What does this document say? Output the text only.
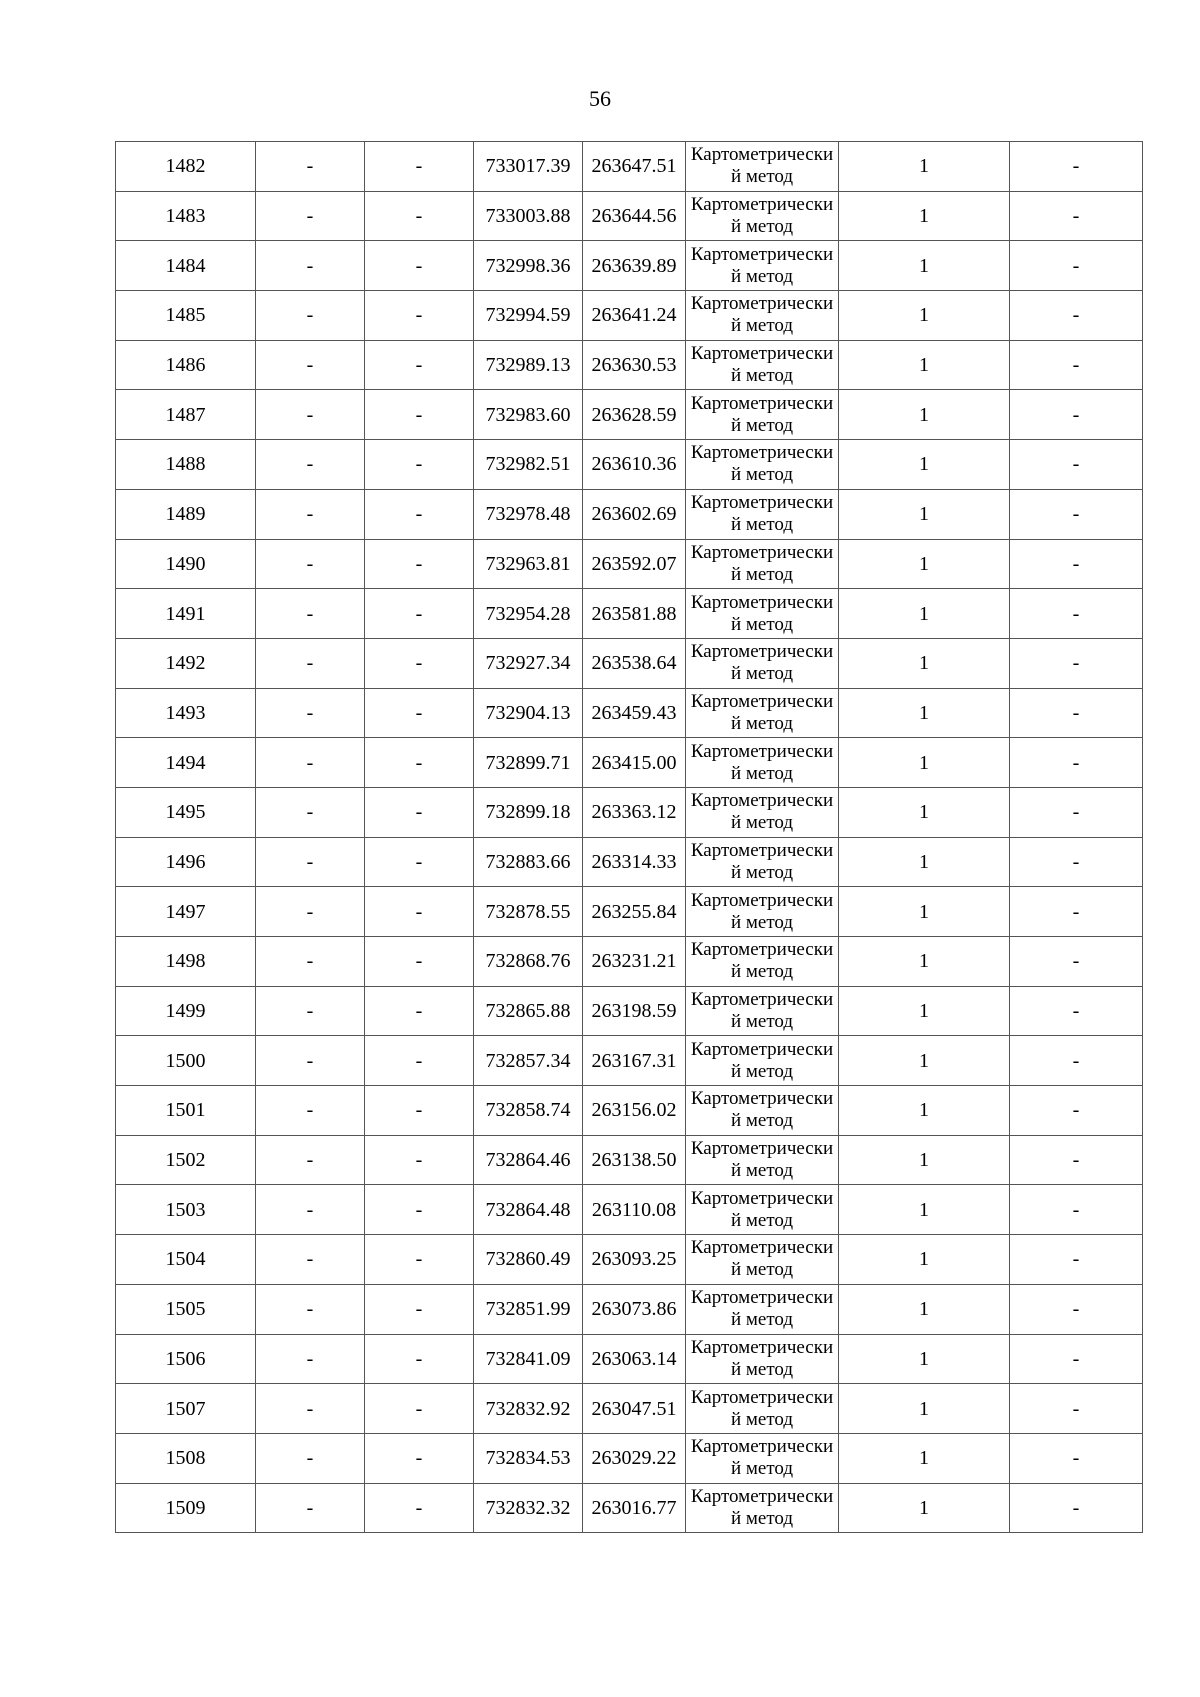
56
1482	-	-	733017.39	263647.51	Картометрический метод	1	-
1483	-	-	733003.88	263644.56	Картометрический метод	1	-
1484	-	-	732998.36	263639.89	Картометрический метод	1	-
1485	-	-	732994.59	263641.24	Картометрический метод	1	-
1486	-	-	732989.13	263630.53	Картометрический метод	1	-
1487	-	-	732983.60	263628.59	Картометрический метод	1	-
1488	-	-	732982.51	263610.36	Картометрический метод	1	-
1489	-	-	732978.48	263602.69	Картометрический метод	1	-
1490	-	-	732963.81	263592.07	Картометрический метод	1	-
1491	-	-	732954.28	263581.88	Картометрический метод	1	-
1492	-	-	732927.34	263538.64	Картометрический метод	1	-
1493	-	-	732904.13	263459.43	Картометрический метод	1	-
1494	-	-	732899.71	263415.00	Картометрический метод	1	-
1495	-	-	732899.18	263363.12	Картометрический метод	1	-
1496	-	-	732883.66	263314.33	Картометрический метод	1	-
1497	-	-	732878.55	263255.84	Картометрический метод	1	-
1498	-	-	732868.76	263231.21	Картометрический метод	1	-
1499	-	-	732865.88	263198.59	Картометрический метод	1	-
1500	-	-	732857.34	263167.31	Картометрический метод	1	-
1501	-	-	732858.74	263156.02	Картометрический метод	1	-
1502	-	-	732864.46	263138.50	Картометрический метод	1	-
1503	-	-	732864.48	263110.08	Картометрический метод	1	-
1504	-	-	732860.49	263093.25	Картометрический метод	1	-
1505	-	-	732851.99	263073.86	Картометрический метод	1	-
1506	-	-	732841.09	263063.14	Картометрический метод	1	-
1507	-	-	732832.92	263047.51	Картометрический метод	1	-
1508	-	-	732834.53	263029.22	Картометрический метод	1	-
1509	-	-	732832.32	263016.77	Картометрический метод	1	-
